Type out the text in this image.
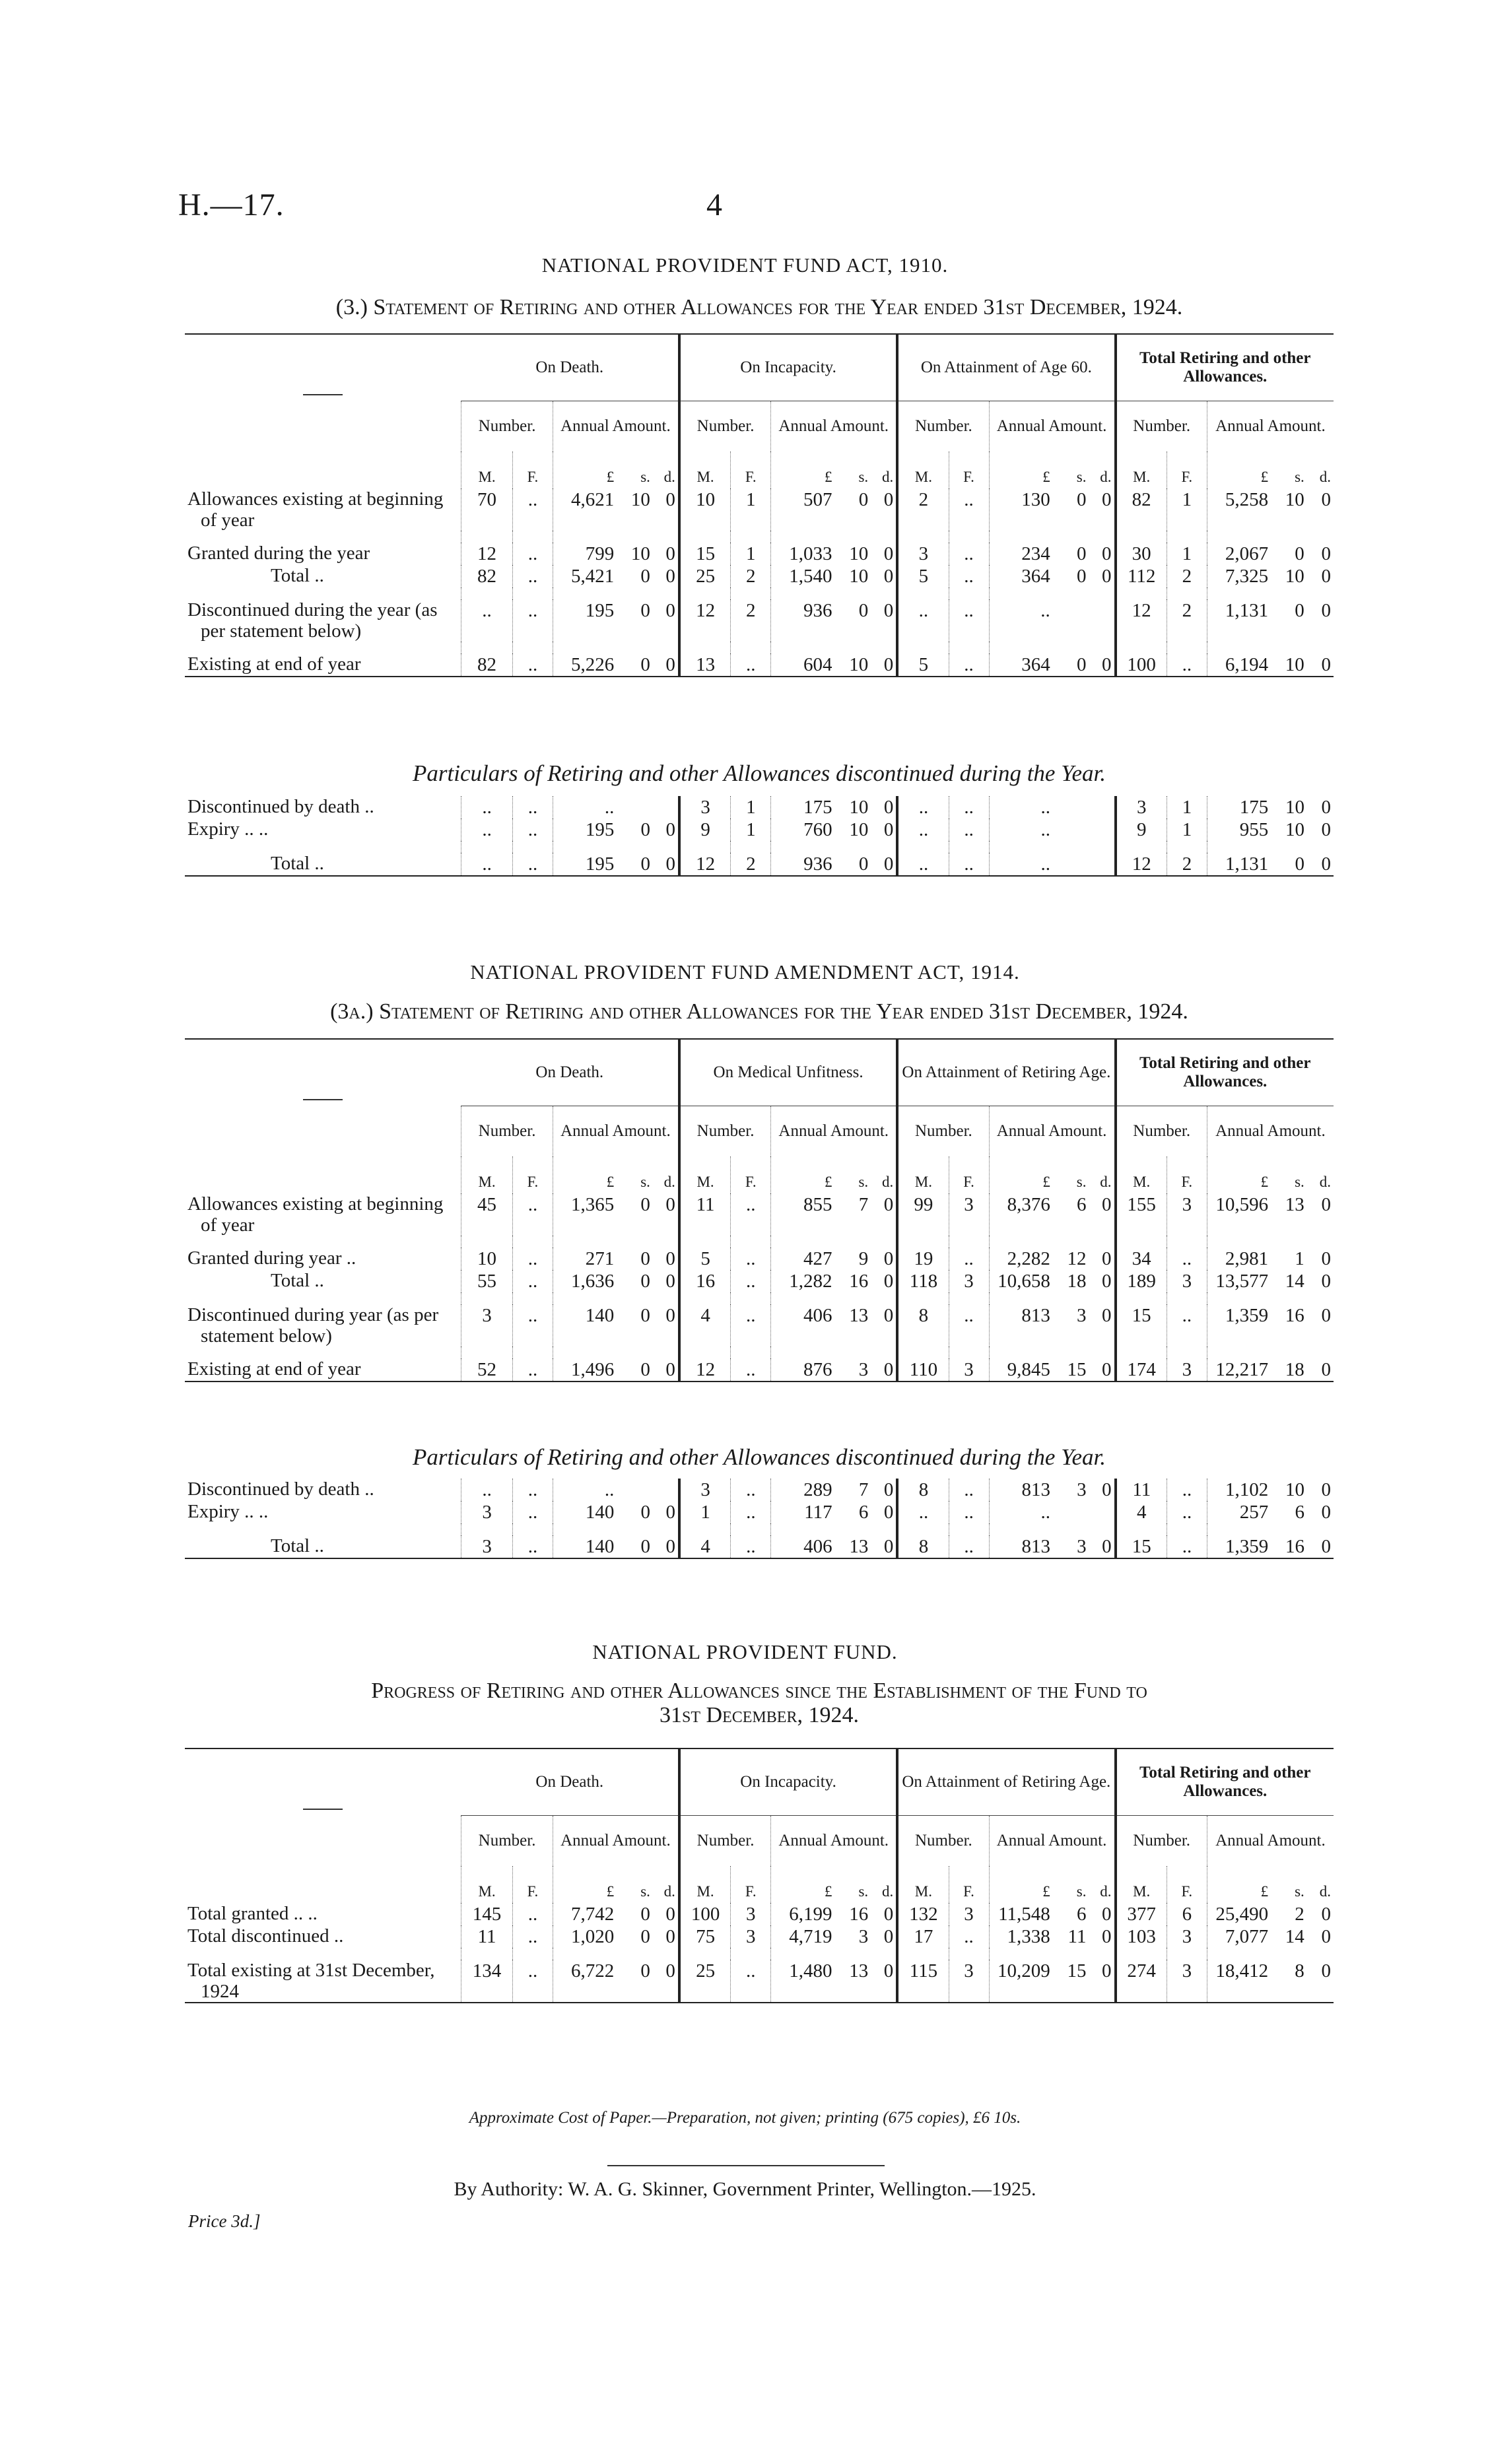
H.—17.	4
NATIONAL PROVIDENT FUND ACT, 1910.
(3.) Statement of Retiring and other Allowances for the Year ended 31st December, 1924.
	On Death.					On Incapacity.					On Attainment of Age 60.					Total Retiring and other Allowances.				
	Number.		Annual Amount.			Number.		Annual Amount.			Number.		Annual Amount.			Number.		Annual Amount.		
	M.	F.	£	s.	d.	M.	F.	£	s.	d.	M.	F.	£	s.	d.	M.	F.	£	s.	d.
Allowances existing at beginning of year	70	..	4,621	10	0	10	1	507	0	0	2	..	130	0	0	82	1	5,258	10	0

Granted during the year	12	..	799	10	0	15	1	1,033	10	0	3	..	234	0	0	30	1	2,067	0	0
Total ..	82	..	5,421	0	0	25	2	1,540	10	0	5	..	364	0	0	112	2	7,325	10	0

Discontinued during the year (as per statement below)	..	..	195	0	0	12	2	936	0	0	..	..	..			12	2	1,131	0	0

Existing at end of year	82	..	5,226	0	0	13	..	604	10	0	5	..	364	0	0	100	..	6,194	10	0
Particulars of Retiring and other Allowances discontinued during the Year.
Discontinued by death ..	..	..	..			3	1	175	10	0	..	..	..			3	1	175	10	0
Expiry .. ..	..	..	195	0	0	9	1	760	10	0	..	..	..			9	1	955	10	0

Total ..	..	..	195	0	0	12	2	936	0	0	..	..	..			12	2	1,131	0	0
NATIONAL PROVIDENT FUND AMENDMENT ACT, 1914.
(3a.) Statement of Retiring and other Allowances for the Year ended 31st December, 1924.
	On Death.					On Medical Unfitness.					On Attainment of Retiring Age.					Total Retiring and other Allowances.				
	Number.		Annual Amount.			Number.		Annual Amount.			Number.		Annual Amount.			Number.		Annual Amount.		
	M.	F.	£	s.	d.	M.	F.	£	s.	d.	M.	F.	£	s.	d.	M.	F.	£	s.	d.
Allowances existing at beginning of year	45	..	1,365	0	0	11	..	855	7	0	99	3	8,376	6	0	155	3	10,596	13	0

Granted during year ..	10	..	271	0	0	5	..	427	9	0	19	..	2,282	12	0	34	..	2,981	1	0
Total ..	55	..	1,636	0	0	16	..	1,282	16	0	118	3	10,658	18	0	189	3	13,577	14	0

Discontinued during year (as per statement below)	3	..	140	0	0	4	..	406	13	0	8	..	813	3	0	15	..	1,359	16	0

Existing at end of year	52	..	1,496	0	0	12	..	876	3	0	110	3	9,845	15	0	174	3	12,217	18	0
Particulars of Retiring and other Allowances discontinued during the Year.
Discontinued by death ..	..	..	..			3	..	289	7	0	8	..	813	3	0	11	..	1,102	10	0
Expiry .. ..	3	..	140	0	0	1	..	117	6	0	..	..	..			4	..	257	6	0

Total ..	3	..	140	0	0	4	..	406	13	0	8	..	813	3	0	15	..	1,359	16	0
NATIONAL PROVIDENT FUND.
Progress of Retiring and other Allowances since the Establishment of the Fund to
31st December, 1924.
	On Death.					On Incapacity.					On Attainment of Retiring Age.					Total Retiring and other Allowances.				
	Number.		Annual Amount.			Number.		Annual Amount.			Number.		Annual Amount.			Number.		Annual Amount.		
	M.	F.	£	s.	d.	M.	F.	£	s.	d.	M.	F.	£	s.	d.	M.	F.	£	s.	d.
Total granted .. ..	145	..	7,742	0	0	100	3	6,199	16	0	132	3	11,548	6	0	377	6	25,490	2	0
Total discontinued ..	11	..	1,020	0	0	75	3	4,719	3	0	17	..	1,338	11	0	103	3	7,077	14	0

Total existing at 31st December, 1924	134	..	6,722	0	0	25	..	1,480	13	0	115	3	10,209	15	0	274	3	18,412	8	0
Approximate Cost of Paper.—Preparation, not given; printing (675 copies), £6 10s.
By Authority: W. A. G. Skinner, Government Printer, Wellington.—1925.
Price 3d.]
